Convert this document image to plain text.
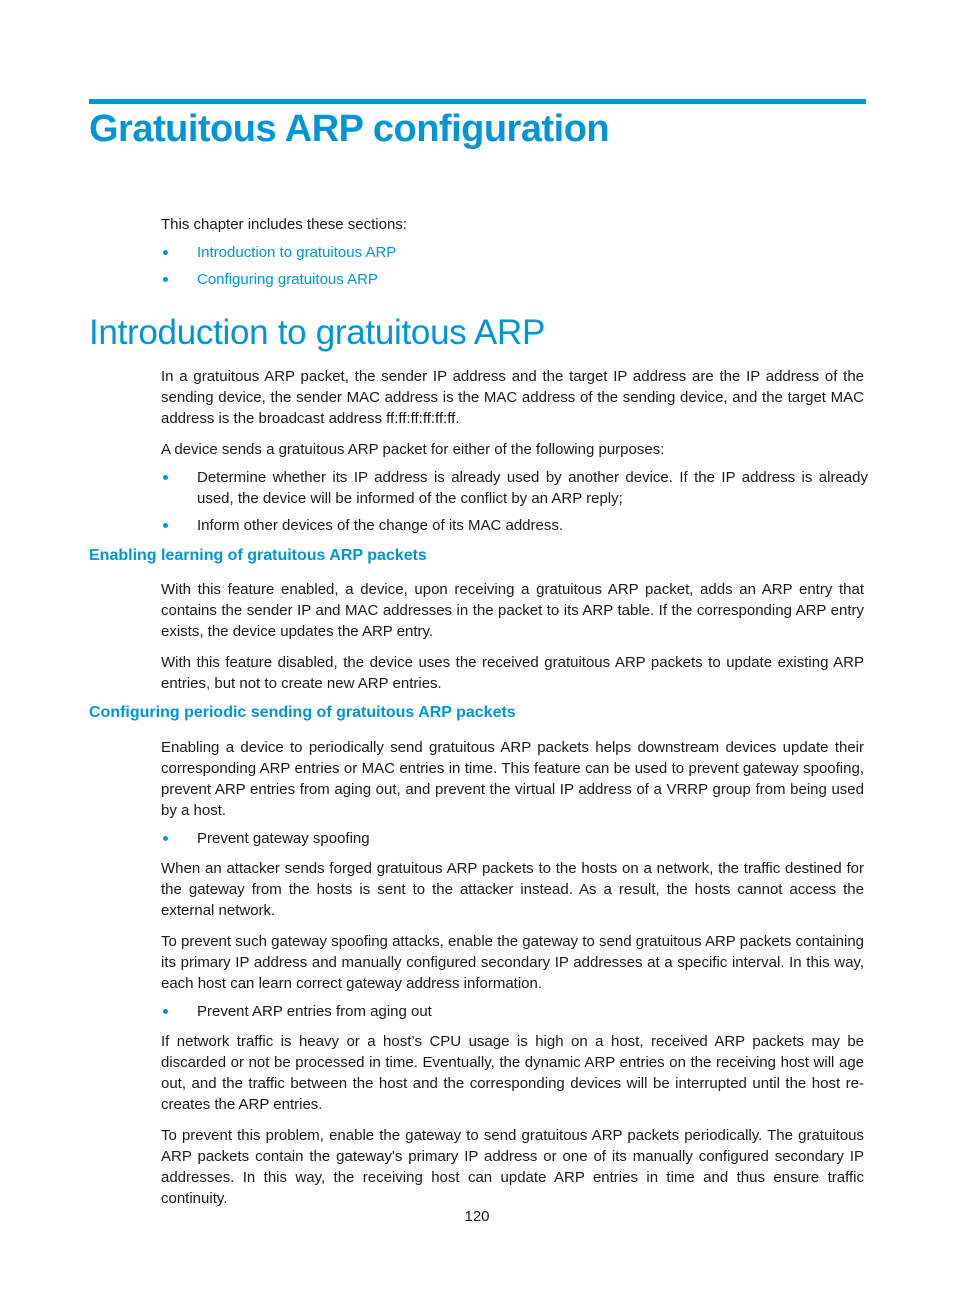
Gratuitous ARP configuration

This chapter includes these sections:

Introduction to gratuitous ARP
Configuring gratuitous ARP
Introduction to gratuitous ARP

In a gratuitous ARP packet, the sender IP address and the target IP address are the IP address of the sending device, the sender MAC address is the MAC address of the sending device, and the target MAC address is the broadcast address ff:ff:ff:ff:ff:ff.

A device sends a gratuitous ARP packet for either of the following purposes:

Determine whether its IP address is already used by another device. If the IP address is already used, the device will be informed of the conflict by an ARP reply;

Inform other devices of the change of its MAC address.

Enabling learning of gratuitous ARP packets

With this feature enabled, a device, upon receiving a gratuitous ARP packet, adds an ARP entry that contains the sender IP and MAC addresses in the packet to its ARP table. If the corresponding ARP entry exists, the device updates the ARP entry.

With this feature disabled, the device uses the received gratuitous ARP packets to update existing ARP entries, but not to create new ARP entries.

Configuring periodic sending of gratuitous ARP packets

Enabling a device to periodically send gratuitous ARP packets helps downstream devices update their corresponding ARP entries or MAC entries in time. This feature can be used to prevent gateway spoofing, prevent ARP entries from aging out, and prevent the virtual IP address of a VRRP group from being used by a host.

Prevent gateway spoofing

When an attacker sends forged gratuitous ARP packets to the hosts on a network, the traffic destined for the gateway from the hosts is sent to the attacker instead. As a result, the hosts cannot access the external network.

To prevent such gateway spoofing attacks, enable the gateway to send gratuitous ARP packets containing its primary IP address and manually configured secondary IP addresses at a specific interval. In this way, each host can learn correct gateway address information.

Prevent ARP entries from aging out

If network traffic is heavy or a host’s CPU usage is high on a host, received ARP packets may be discarded or not be processed in time. Eventually, the dynamic ARP entries on the receiving host will age out, and the traffic between the host and the corresponding devices will be interrupted until the host re-creates the ARP entries.

To prevent this problem, enable the gateway to send gratuitous ARP packets periodically. The gratuitous ARP packets contain the gateway's primary IP address or one of its manually configured secondary IP addresses. In this way, the receiving host can update ARP entries in time and thus ensure traffic continuity.

120
